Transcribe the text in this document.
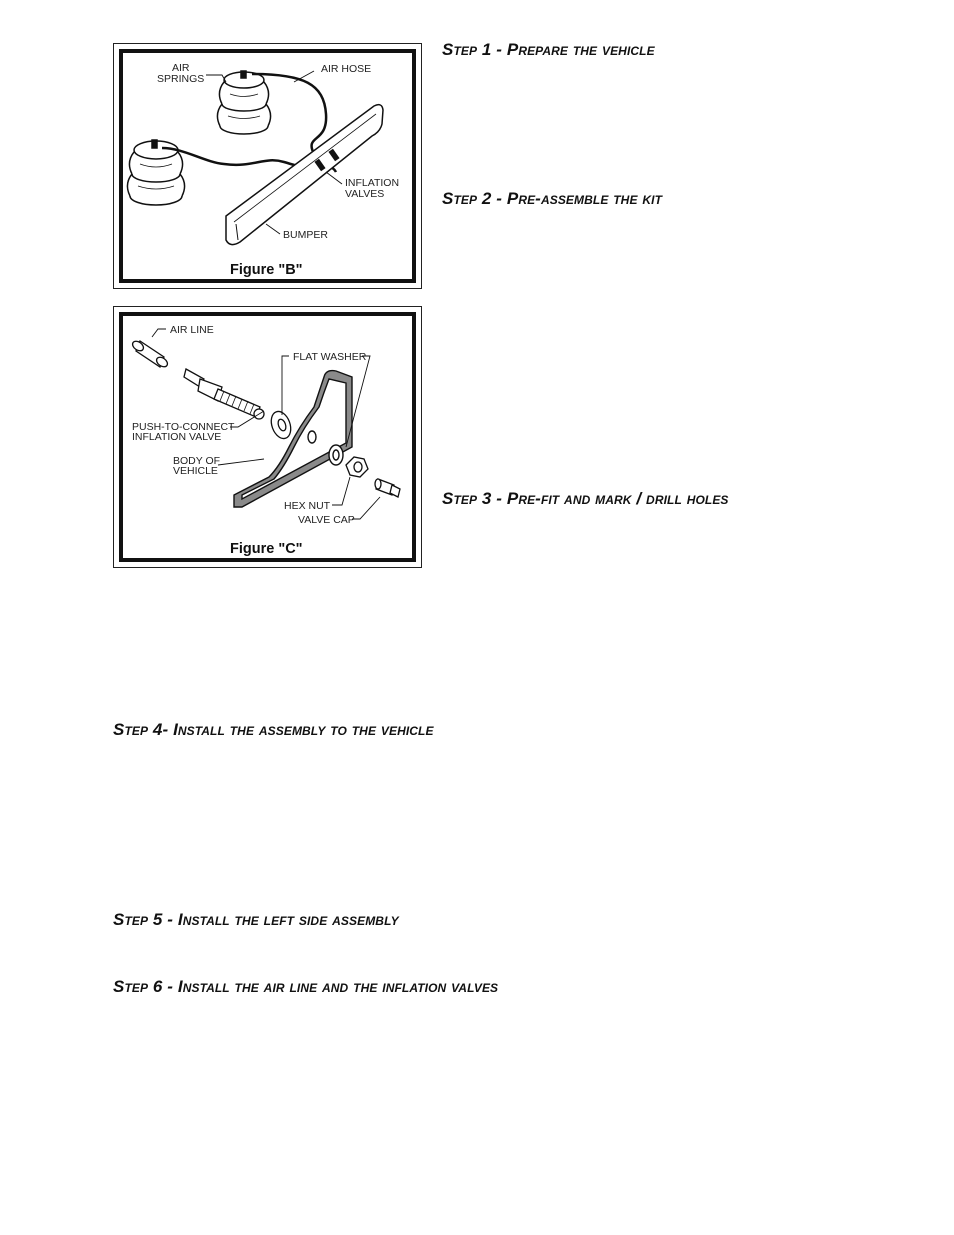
AIR
SPRINGS
AIR HOSE
INFLATION
VALVES
BUMPER
Figure "B"
AIR LINE
FLAT WASHER
PUSH-TO-CONNECT
INFLATION VALVE
BODY OF
VEHICLE
HEX NUT
VALVE CAP
Figure "C"
Step 1 - Prepare the vehicle
Step 2 - Pre-assemble the kit
Step 3 - Pre-fit and mark / drill holes
Step 4- Install the assembly to the vehicle
Step 5 - Install the left side assembly
Step 6 - Install the air line and the inflation valves
